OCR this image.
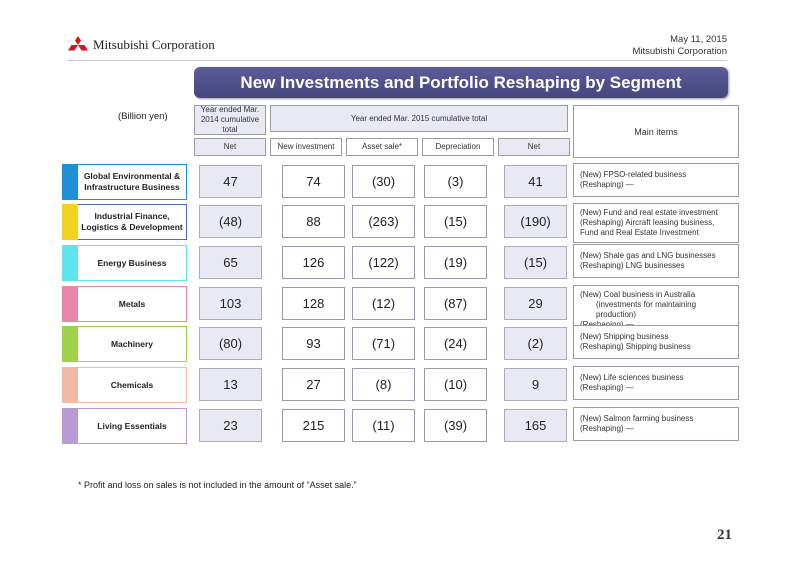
Mitsubishi Corporation	May 11, 2015
Mitsubishi Corporation
New Investments and Portfolio Reshaping by Segment
(Billion yen)
Year ended Mar. 2014 cumulative total
Year ended Mar. 2015 cumulative total
Main items
Net	New investment	Asset sale*	Depreciation	Net
Global Environmental & Infrastructure Business	47	74	(30)	(3)	41	(New) FPSO-related business
(Reshaping) —
Industrial Finance, Logistics & Development	(48)	88	(263)	(15)	(190)
(New) Fund and real estate investment
(Reshaping) Aircraft leasing business, Fund and Real Estate Investment
Energy Business	65	126	(122)	(19)	(15)	(New) Shale gas and LNG businesses
(Reshaping) LNG businesses
Metals	103	128	(12)	(87)	29
(New) Coal business in Australia
(investments for maintaining production)
Machinery	(80)	93	(71)	(24)	(2)	(New) Shipping business
(Reshaping) Shipping business
Chemicals	13	27	(8)	(10)	9	(New) Life sciences business
(Reshaping) —
Living Essentials	23	215	(11)	(39)	165	(New) Salmon farming business
(Reshaping) —
* Profit and loss on sales is not included in the amount of “Asset sale.”
21
